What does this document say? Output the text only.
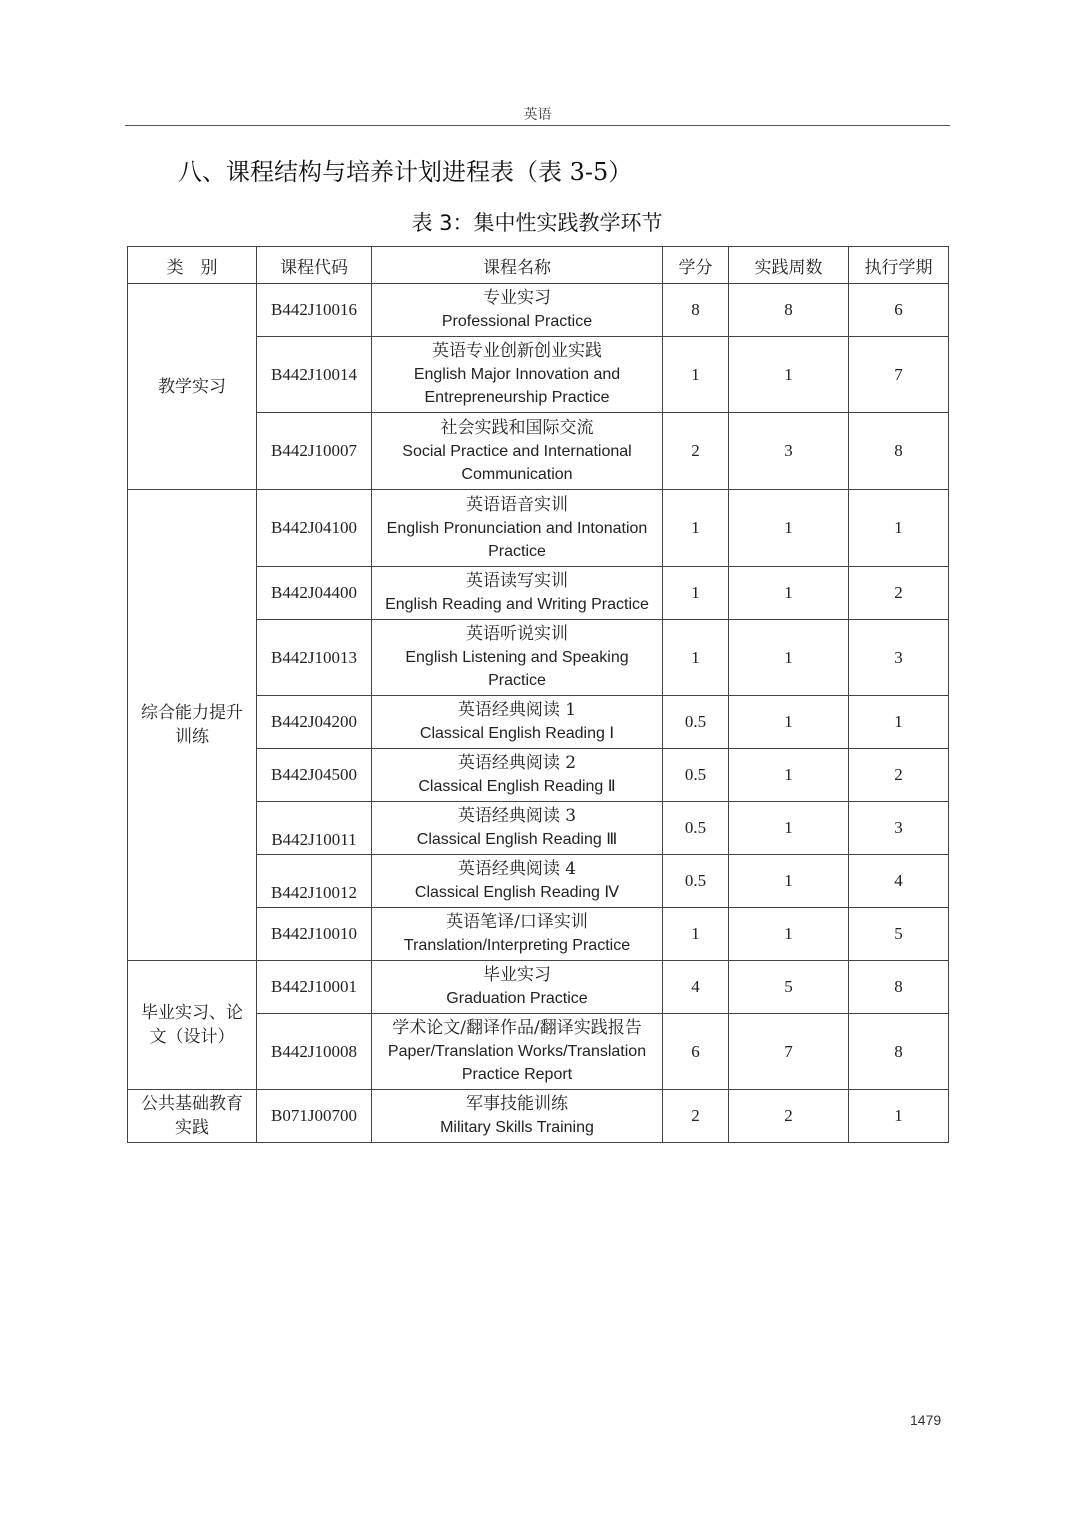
英语
八、课程结构与培养计划进程表（表 3-5）
表 3：集中性实践教学环节
类　别	课程代码	课程名称	学分	实践周数	执行学期
教学实习	B442J10016	专业实习
Professional Practice	8	8	6
	B442J10014	英语专业创新创业实践
English Major Innovation and Entrepreneurship Practice	1	1	7
	B442J10007	社会实践和国际交流
Social Practice and International Communication	2	3	8
综合能力提升训练	B442J04100	英语语音实训
English Pronunciation and Intonation Practice	1	1	1
	B442J04400	英语读写实训
English Reading and Writing Practice	1	1	2
	B442J10013	英语听说实训
English Listening and Speaking Practice	1	1	3
	B442J04200	英语经典阅读 1
Classical English Reading Ⅰ	0.5	1	1
	B442J04500	英语经典阅读 2
Classical English Reading Ⅱ	0.5	1	2
	B442J10011	英语经典阅读 3
Classical English Reading Ⅲ	0.5	1	3
	B442J10012	英语经典阅读 4
Classical English Reading Ⅳ	0.5	1	4
	B442J10010	英语笔译/口译实训
Translation/Interpreting Practice	1	1	5
毕业实习、论文（设计）	B442J10001	毕业实习
Graduation Practice	4	5	8
	B442J10008	学术论文/翻译作品/翻译实践报告
Paper/Translation Works/Translation Practice Report	6	7	8
公共基础教育实践	B071J00700	军事技能训练
Military Skills Training	2	2	1
1479
